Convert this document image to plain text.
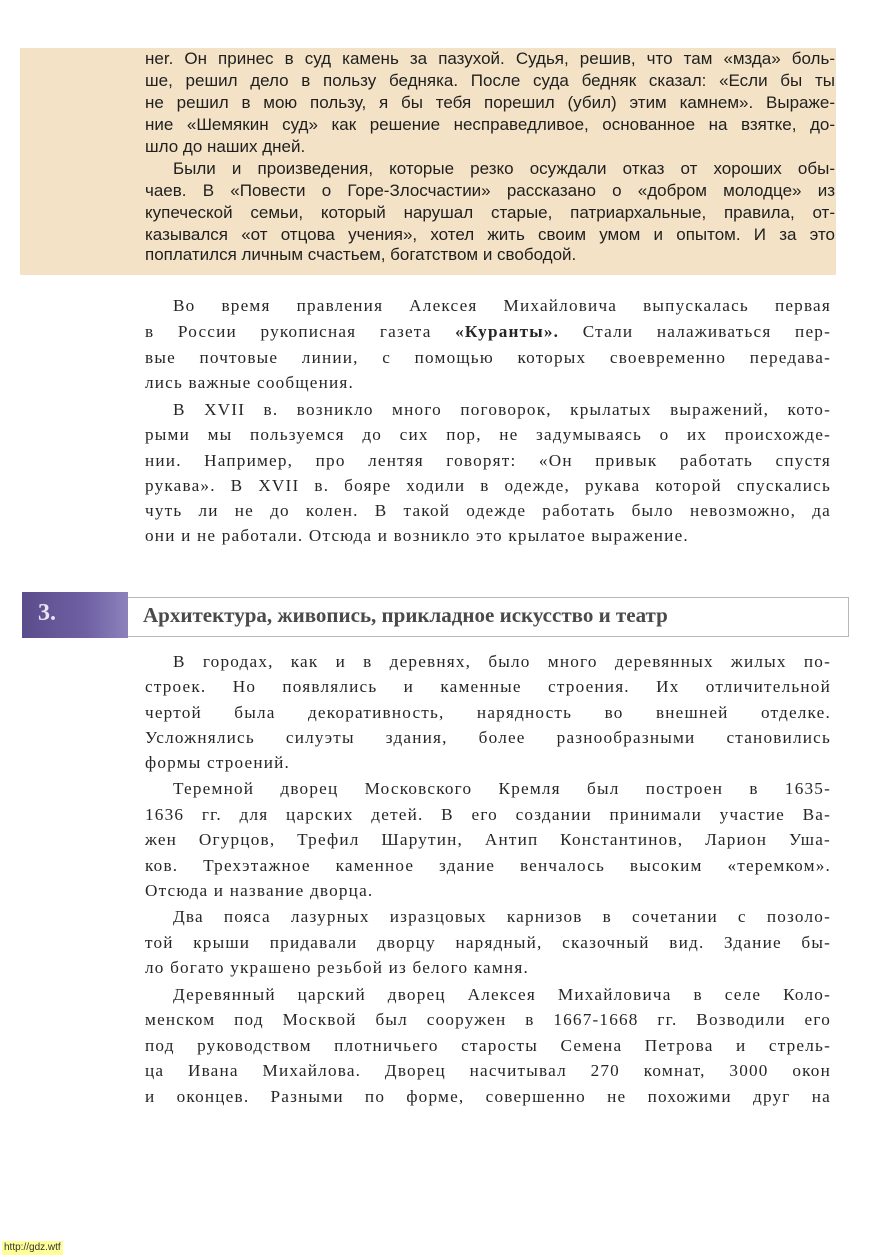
неr. Он принес в суд камень за пазухой. Судья, решив, что там «мзда» боль-

ше, решил дело в пользу бедняка. После суда бедняк сказал: «Если бы ты

не решил в мою пользу, я бы тебя порешил (убил) этим камнем». Выраже-

ние «Шемякин суд» как решение несправедливое, основанное на взятке, до-

шло до наших дней.

Были и произведения, которые резко осуждали отказ от хороших обы-

чаев. В «Повести о Горе-Злосчастии» рассказано о «добром молодце» из

купеческой семьи, который нарушал старые, патриархальные, правила, от-

казывался «от отцова учения», хотел жить своим умом и опытом. И за это

поплатился личным счастьем, богатством и свободой.

Во время правления Алексея Михайловича выпускалась первая

в России рукописная газета «Куранты». Стали налаживаться пер-

вые почтовые линии, с помощью которых своевременно передава-

лись важные сообщения.

В XVII в. возникло много поговорок, крылатых выражений, кото-

рыми мы пользуемся до сих пор, не задумываясь о их происхожде-

нии. Например, про лентяя говорят: «Он привык работать спустя

рукава». В XVII в. бояре ходили в одежде, рукава которой спускались

чуть ли не до колен. В такой одежде работать было невозможно, да

они и не работали. Отсюда и возникло это крылатое выражение.

3.	Архитектура, живопись, прикладное искусство и театр

В городах, как и в деревнях, было много деревянных жилых по-

строек. Но появлялись и каменные строения. Их отличительной

чертой была декоративность, нарядность во внешней отделке.

Усложнялись силуэты здания, более разнообразными становились

формы строений.

Теремной дворец Московского Кремля был построен в 1635-

1636 гг. для царских детей. В его создании принимали участие Ва-

жен Огурцов, Трефил Шарутин, Антип Константинов, Ларион Уша-

ков. Трехэтажное каменное здание венчалось высоким «теремком».

Отсюда и название дворца.

Два пояса лазурных изразцовых карнизов в сочетании с позоло-

той крыши придавали дворцу нарядный, сказочный вид. Здание бы-

ло богато украшено резьбой из белого камня.

Деревянный царский дворец Алексея Михайловича в селе Коло-

менском под Москвой был сооружен в 1667-1668 гг. Возводили его

под руководством плотничьего старосты Семена Петрова и стрель-

ца Ивана Михайлова. Дворец насчитывал 270 комнат, 3000 окон

и оконцев. Разными по форме, совершенно не похожими друг на

http://gdz.wtf
